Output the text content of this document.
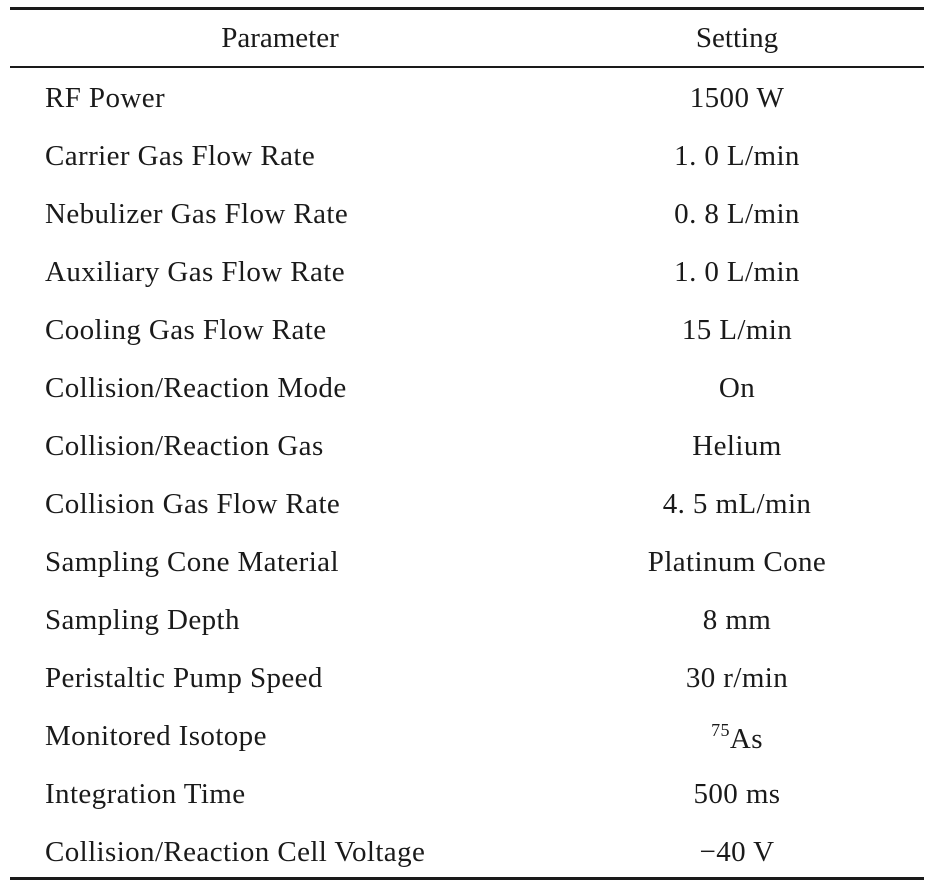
Parameter	Setting
RF Power	1500 W
Carrier Gas Flow Rate	1. 0 L/min
Nebulizer Gas Flow Rate	0. 8 L/min
Auxiliary Gas Flow Rate	1. 0 L/min
Cooling Gas Flow Rate	15 L/min
Collision/Reaction Mode	On
Collision/Reaction Gas	Helium
Collision Gas Flow Rate	4. 5 mL/min
Sampling Cone Material	Platinum Cone
Sampling Depth	8 mm
Peristaltic Pump Speed	30 r/min
Monitored Isotope	$^{75}$As
Integration Time	500 ms
Collision/Reaction Cell Voltage	−40 V
